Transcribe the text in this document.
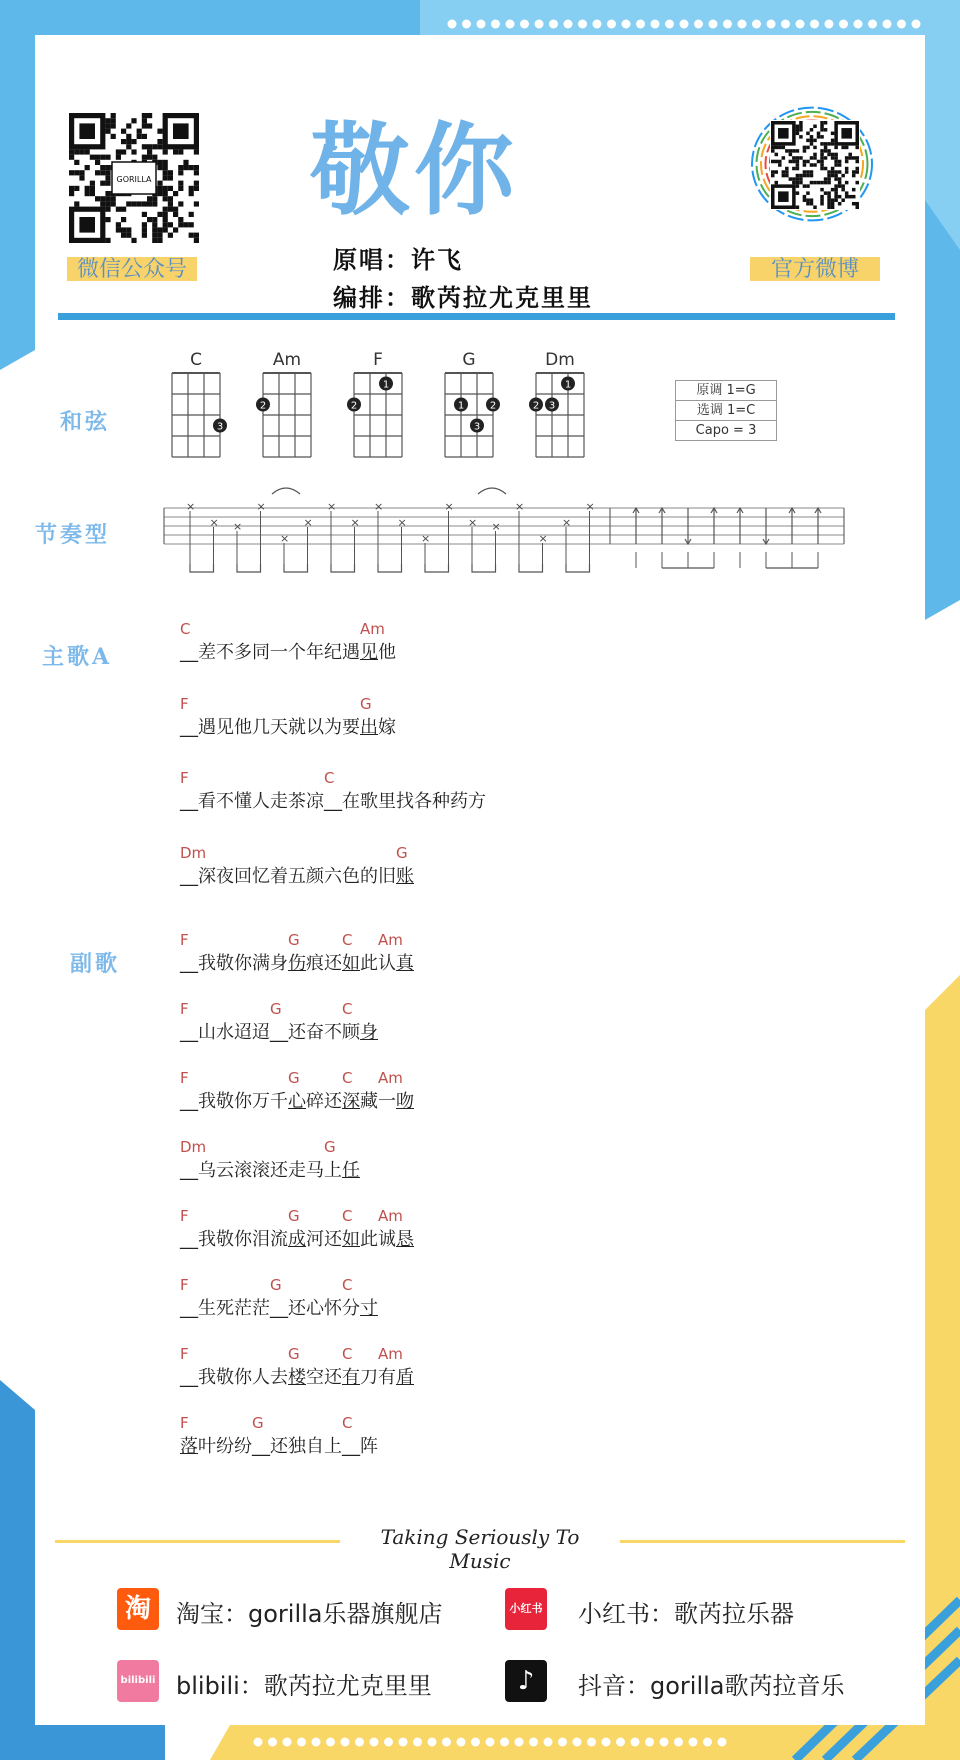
GORILLA
微信公众号
敬你
原唱：许飞
编排：歌芮拉尤克里里
官方微博
和弦
C
3
Am
2
F
2
1
G
1	2
3
Dm
2 3
1	原调 1=G
选调 1=C
Capo = 3
节奏型
×
× ×
×
×
×
×
×
×
×
×
×
× ×
×
×
×
×
主歌A
副歌
C	Am
__差不多同一个年纪遇见他
F	G
__遇见他几天就以为要出嫁
F	C
__看不懂人走茶凉__在歌里找各种药方
Dm	G
__深夜回忆着五颜六色的旧账
F	G	C Am
__我敬你满身伤痕还如此认真
F	G	C
__山水迢迢__还奋不顾身
F	G	C Am
__我敬你万千心碎还深藏一吻
Dm	G
__乌云滚滚还走马上任
F	G	C Am
__我敬你泪流成河还如此诚恳
F	G	C
__生死茫茫__还心怀分寸
F	G	C Am
__我敬你人去楼空还有刀有盾
F	G	C
落叶纷纷__还独自上__阵
Taking Seriously To Music
淘	淘宝：gorilla乐器旗舰店	小红书 小红书：歌芮拉乐器
bilibili blibili：歌芮拉尤克里里	♪	抖音：gorilla歌芮拉音乐
